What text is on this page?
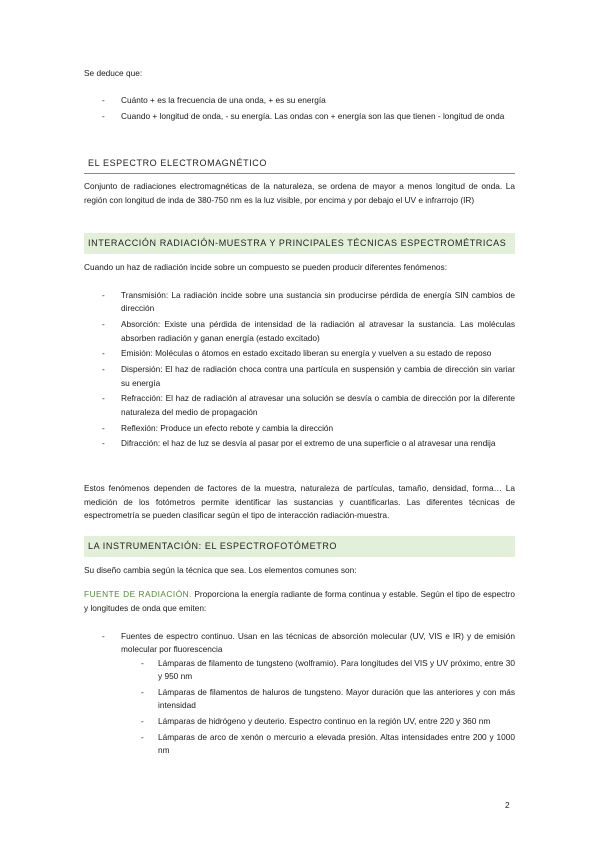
Se deduce que:

- Cuánto + es la frecuencia de una onda, + es su energía
- Cuando + longitud de onda, - su energía. Las ondas con + energía son las que tienen - longitud de onda
EL ESPECTRO ELECTROMAGNÉTICO

Conjunto de radiaciones electromagnéticas de la naturaleza, se ordena de mayor a menos longitud de onda. La región con longitud de inda de 380-750 nm es la luz visible, por encima y por debajo el UV e infrarrojo (IR)

INTERACCIÓN RADIACIÓN-MUESTRA Y PRINCIPALES TÉCNICAS ESPECTROMÉTRICAS

Cuando un haz de radiación incide sobre un compuesto se pueden producir diferentes fenómenos:

- Transmisión: La radiación incide sobre una sustancia sin producirse pérdida de energía SIN cambios de dirección
- Absorción: Existe una pérdida de intensidad de la radiación al atravesar la sustancia. Las moléculas absorben radiación y ganan energía (estado excitado)
- Emisión: Moléculas o átomos en estado excitado liberan su energía y vuelven a su estado de reposo
- Dispersión: El haz de radiación choca contra una partícula en suspensión y cambia de dirección sin variar su energía
- Refracción: El haz de radiación al atravesar una solución se desvía o cambia de dirección por la diferente naturaleza del medio de propagación
- Reflexión: Produce un efecto rebote y cambia la dirección
- Difracción: el haz de luz se desvía al pasar por el extremo de una superficie o al atravesar una rendija

Estos fenómenos dependen de factores de la muestra, naturaleza de partículas, tamaño, densidad, forma… La medición de los fotómetros permite identificar las sustancias y cuantificarlas. Las diferentes técnicas de espectrometría se pueden clasificar según el tipo de interacción radiación-muestra.

LA INSTRUMENTACIÓN: EL ESPECTROFOTÓMETRO

Su diseño cambia según la técnica que sea. Los elementos comunes son:

FUENTE DE RADIACIÓN. Proporciona la energía radiante de forma continua y estable. Según el tipo de espectro y longitudes de onda que emiten:

- Fuentes de espectro continuo. Usan en las técnicas de absorción molecular (UV, VIS e IR) y de emisión molecular por fluorescencia
- Lámparas de filamento de tungsteno (wolframio). Para longitudes del VIS y UV próximo, entre 30 y 950 nm
- Lámparas de filamentos de haluros de tungsteno. Mayor duración que las anteriores y con más intensidad
- Lámparas de hidrógeno y deuterio. Espectro continuo en la región UV, entre 220 y 360 nm
- Lámparas de arco de xenón o mercurio a elevada presión. Altas intensidades entre 200 y 1000 nm
2
